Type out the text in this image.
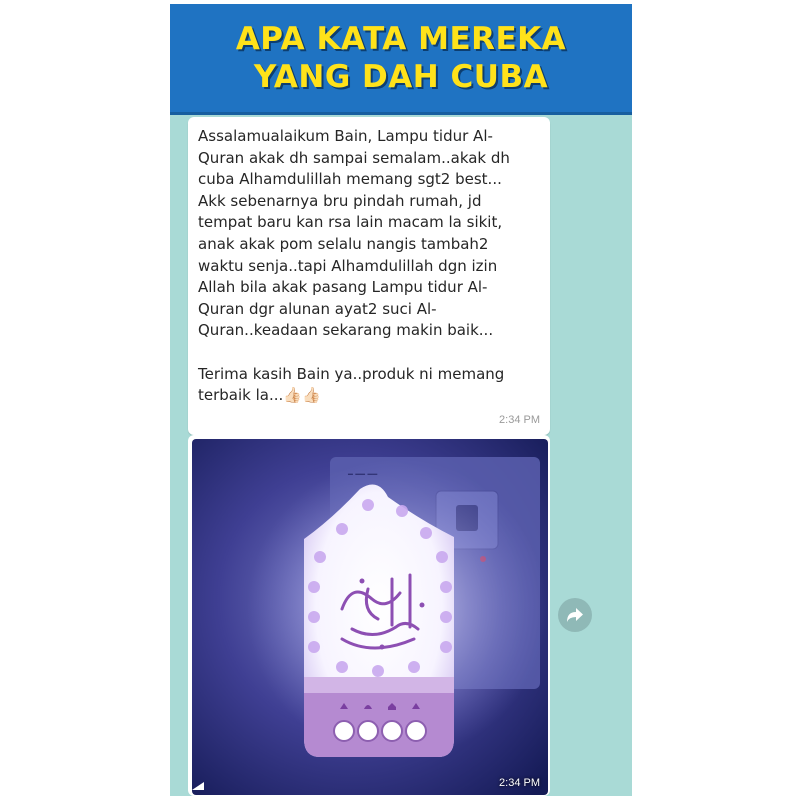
APA KATA MEREKA
YANG DAH CUBA
Assalamualaikum Bain, Lampu tidur Al-
Quran akak dh sampai semalam..akak dh
cuba Alhamdulillah memang sgt2 best...
Akk sebenarnya bru pindah rumah, jd
tempat baru kan rsa lain macam la sikit,
anak akak pom selalu nangis tambah2
waktu senja..tapi Alhamdulillah dgn izin
Allah bila akak pasang Lampu tidur Al-
Quran dgr alunan ayat2 suci Al-
Quran..keadaan sekarang makin baik...

Terima kasih Bain ya..produk ni memang
terbaik la...👍🏻👍🏻
2:34 PM
2:34 PM
